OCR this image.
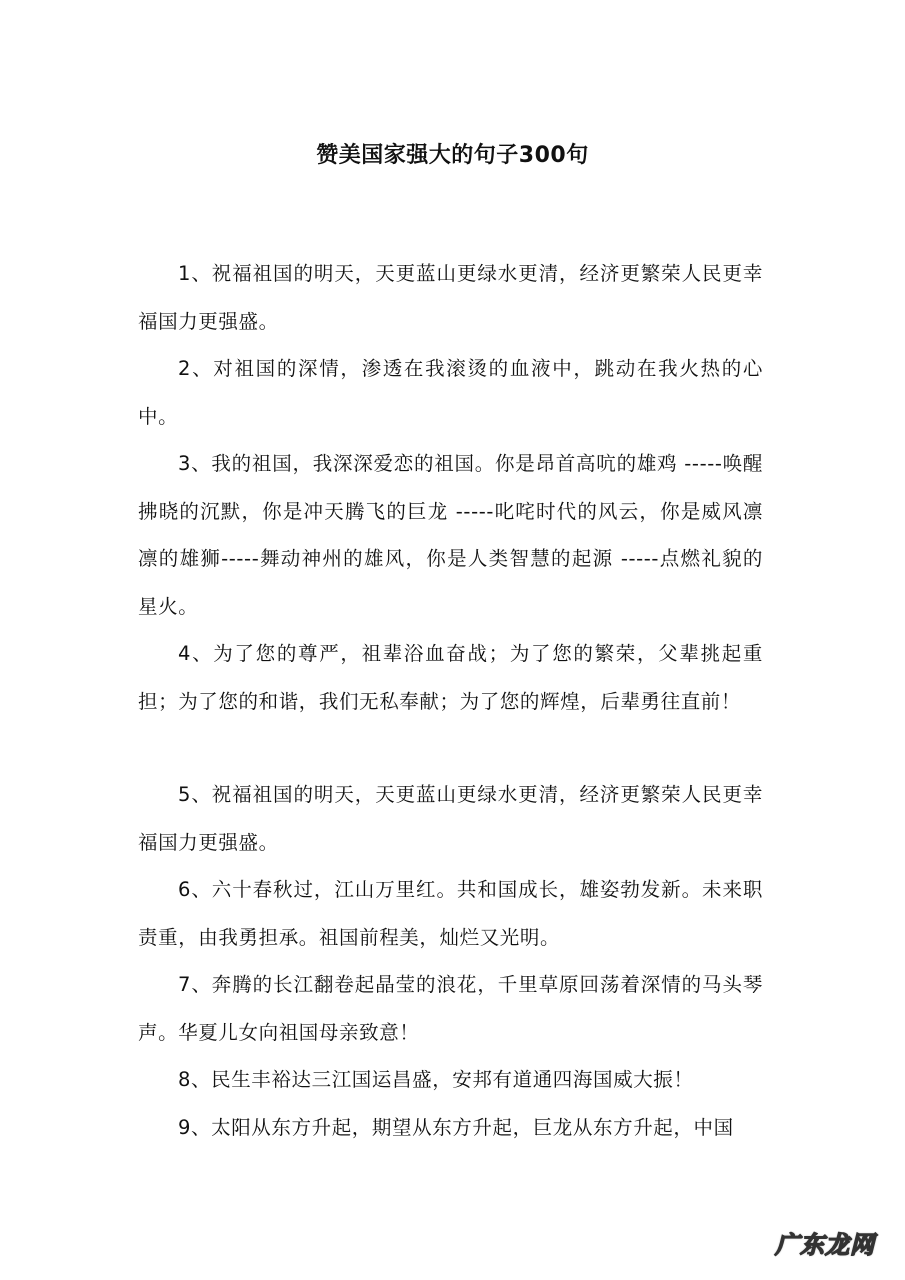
赞美国家强大的句子300句

1、祝福祖国的明天，天更蓝山更绿水更清，经济更繁荣人民更幸福国力更强盛。

2、对祖国的深情，渗透在我滚烫的血液中，跳动在我火热的心中。

3、我的祖国，我深深爱恋的祖国。你是昂首高吭的雄鸡 -----唤醒拂晓的沉默，你是冲天腾飞的巨龙 -----叱咤时代的风云，你是威风凛凛的雄狮-----舞动神州的雄风，你是人类智慧的起源 -----点燃礼貌的星火。

4、为了您的尊严，祖辈浴血奋战；为了您的繁荣，父辈挑起重担；为了您的和谐，我们无私奉献；为了您的辉煌，后辈勇往直前！

5、祝福祖国的明天，天更蓝山更绿水更清，经济更繁荣人民更幸福国力更强盛。

6、六十春秋过，江山万里红。共和国成长，雄姿勃发新。未来职责重，由我勇担承。祖国前程美，灿烂又光明。

7、奔腾的长江翻卷起晶莹的浪花，千里草原回荡着深情的马头琴声。华夏儿女向祖国母亲致意！

8、民生丰裕达三江国运昌盛，安邦有道通四海国威大振！

9、太阳从东方升起，期望从东方升起，巨龙从东方升起，中国

广东龙网
